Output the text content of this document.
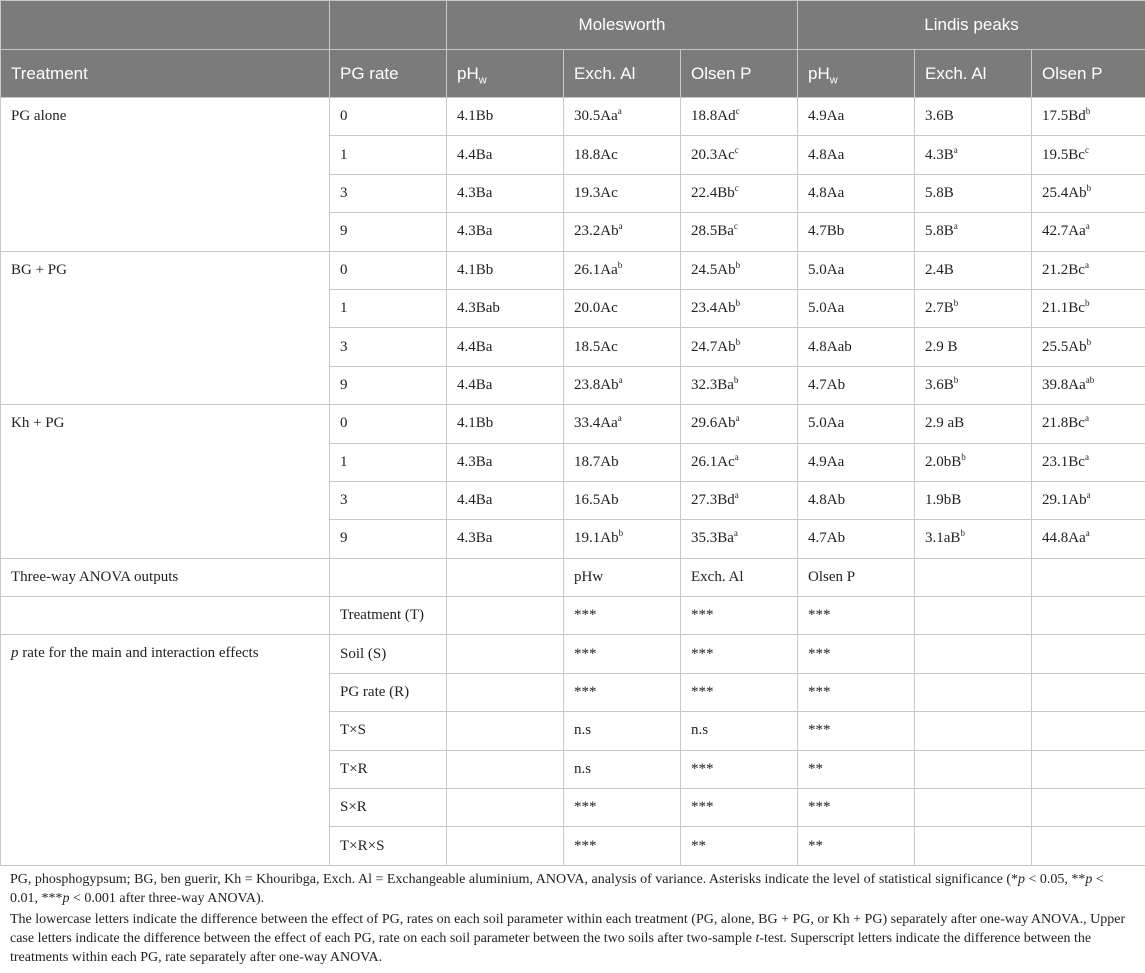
		Molesworth			Lindis peaks		
Treatment	PG rate	$pH_w$	Exch. Al	Olsen P	$pH_w$	Exch. Al	Olsen P
PG alone	0	4.1Bb	30.5Aa$^a$	18.8Ad$^c$	4.9Aa	3.6B	17.5Bd$^b$
	1	4.4Ba	18.8Ac	20.3Ac$^c$	4.8Aa	$4.3B^a$	19.5Bc$^c$
	3	4.3Ba	19.3Ac	22.4Bb$^c$	4.8Aa	5.8B	25.4Ab$^b$
	9	4.3Ba	23.2Ab$^a$	28.5Ba$^c$	4.7Bb	$5.8B^a$	42.7Aa$^a$
BG + PG	0	4.1Bb	26.1Aa$^b$	24.5Ab$^b$	5.0Aa	2.4B	21.2Bc$^a$
	1	4.3Bab	20.0Ac	23.4Ab$^b$	5.0Aa	$2.7B^b$	21.1Bc$^b$
	3	4.4Ba	18.5Ac	24.7Ab$^b$	4.8Aab	2.9 B	25.5Ab$^b$
	9	4.4Ba	23.8Ab$^a$	32.3Ba$^b$	4.7Ab	$3.6B^b$	$39.8Aa^{ab}$
Kh + PG	0	4.1Bb	33.4Aa$^a$	29.6Ab$^a$	5.0Aa	2.9 aB	21.8Bc$^a$
	1	4.3Ba	18.7Ab	26.1Ac$^a$	4.9Aa	$2.0bB^b$	23.1Bc$^a$
	3	4.4Ba	16.5Ab	27.3Bd$^a$	4.8Ab	1.9bB	29.1Ab$^a$
	9	4.3Ba	19.1Ab$^b$	35.3Ba$^a$	4.7Ab	$3.1aB^b$	44.8Aa$^a$
Three-way ANOVA outputs			pHw	Exch. Al	Olsen P		
	Treatment (T)		***	***	***		
p rate for the main and interaction effects	Soil (S)		***	***	***		
	PG rate (R)		***	***	***		
	T×S		n.s	n.s	***		
	T×R		n.s	***	**		
	S×R		***	***	***		
	T×R×S		***	**	**		

PG, phosphogypsum; BG, ben guerir, Kh = Khouribga, Exch. Al = Exchangeable aluminium, ANOVA, analysis of variance. Asterisks indicate the level of statistical significance (*p < 0.05, **p < 0.01, ***p < 0.001 after three-way ANOVA).

The lowercase letters indicate the difference between the effect of PG, rates on each soil parameter within each treatment (PG, alone, BG + PG, or Kh + PG) separately after one-way ANOVA., Upper case letters indicate the difference between the effect of each PG, rate on each soil parameter between the two soils after two-sample t-test. Superscript letters indicate the difference between the treatments within each PG, rate separately after one-way ANOVA.
